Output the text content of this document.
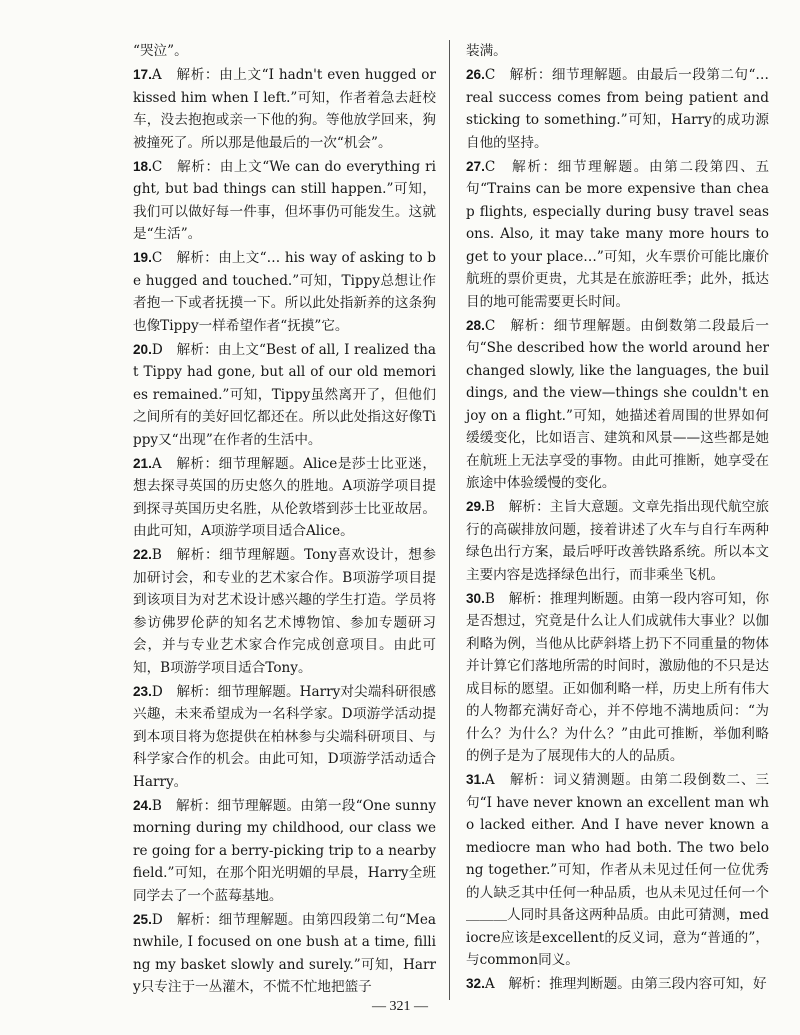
“哭泣”。

17.A　解析：由上文“I hadn't even hugged or kissed him when I left.”可知，作者着急去赶校车，没去抱抱或亲一下他的狗。等他放学回来，狗被撞死了。所以那是他最后的一次“机会”。

18.C　解析：由上文“We can do everything right, but bad things can still happen.”可知，我们可以做好每一件事，但坏事仍可能发生。这就是“生活”。

19.C　解析：由上文“… his way of asking to be hugged and touched.”可知，Tippy总想让作者抱一下或者抚摸一下。所以此处指新养的这条狗也像Tippy一样希望作者“抚摸”它。

20.D　解析：由上文“Best of all, I realized that Tippy had gone, but all of our old memories remained.”可知，Tippy虽然离开了，但他们之间所有的美好回忆都还在。所以此处指这好像Tippy又“出现”在作者的生活中。

21.A　解析：细节理解题。Alice是莎士比亚迷，想去探寻英国的历史悠久的胜地。A项游学项目提到探寻英国历史名胜，从伦敦塔到莎士比亚故居。由此可知，A项游学项目适合Alice。

22.B　解析：细节理解题。Tony喜欢设计，想参加研讨会，和专业的艺术家合作。B项游学项目提到该项目为对艺术设计感兴趣的学生打造。学员将参访佛罗伦萨的知名艺术博物馆、参加专题研习会，并与专业艺术家合作完成创意项目。由此可知，B项游学项目适合Tony。

23.D　解析：细节理解题。Harry对尖端科研很感兴趣，未来希望成为一名科学家。D项游学活动提到本项目将为您提供在柏林参与尖端科研项目、与科学家合作的机会。由此可知，D项游学活动适合Harry。

24.B　解析：细节理解题。由第一段“One sunny morning during my childhood, our class were going for a berry-picking trip to a nearby field.”可知，在那个阳光明媚的早晨，Harry全班同学去了一个蓝莓基地。

25.D　解析：细节理解题。由第四段第二句“Meanwhile, I focused on one bush at a time, filling my basket slowly and surely.”可知，Harry只专注于一丛灌木，不慌不忙地把篮子

装满。

26.C　解析：细节理解题。由最后一段第二句“… real success comes from being patient and sticking to something.”可知，Harry的成功源自他的坚持。

27.C　解析：细节理解题。由第二段第四、五句“Trains can be more expensive than cheap flights, especially during busy travel seasons. Also, it may take many more hours to get to your place…”可知，火车票价可能比廉价航班的票价更贵，尤其是在旅游旺季；此外，抵达目的地可能需要更长时间。

28.C　解析：细节理解题。由倒数第二段最后一句“She described how the world around her changed slowly, like the languages, the buildings, and the view—things she couldn't enjoy on a flight.”可知，她描述着周围的世界如何缓缓变化，比如语言、建筑和风景——这些都是她在航班上无法享受的事物。由此可推断，她享受在旅途中体验缓慢的变化。

29.B　解析：主旨大意题。文章先指出现代航空旅行的高碳排放问题，接着讲述了火车与自行车两种绿色出行方案，最后呼吁改善铁路系统。所以本文主要内容是选择绿色出行，而非乘坐飞机。

30.B　解析：推理判断题。由第一段内容可知，你是否想过，究竟是什么让人们成就伟大事业？以伽利略为例，当他从比萨斜塔上扔下不同重量的物体并计算它们落地所需的时间时，激励他的不只是达成目标的愿望。正如伽利略一样，历史上所有伟大的人物都充满好奇心，并不停地不满地质问：“为什么？为什么？为什么？”由此可推断，举伽利略的例子是为了展现伟大的人的品质。

31.A　解析：词义猜测题。由第二段倒数二、三句“I have never known an excellent man who lacked either. And I have never known a mediocre man who had both. The two belong together.”可知，作者从未见过任何一位优秀的人缺乏其中任何一种品质，也从未见过任何一个＿＿＿人同时具备这两种品质。由此可猜测，mediocre应该是excellent的反义词，意为“普通的”，与common同义。

32.A　解析：推理判断题。由第三段内容可知，好

— 321 —
